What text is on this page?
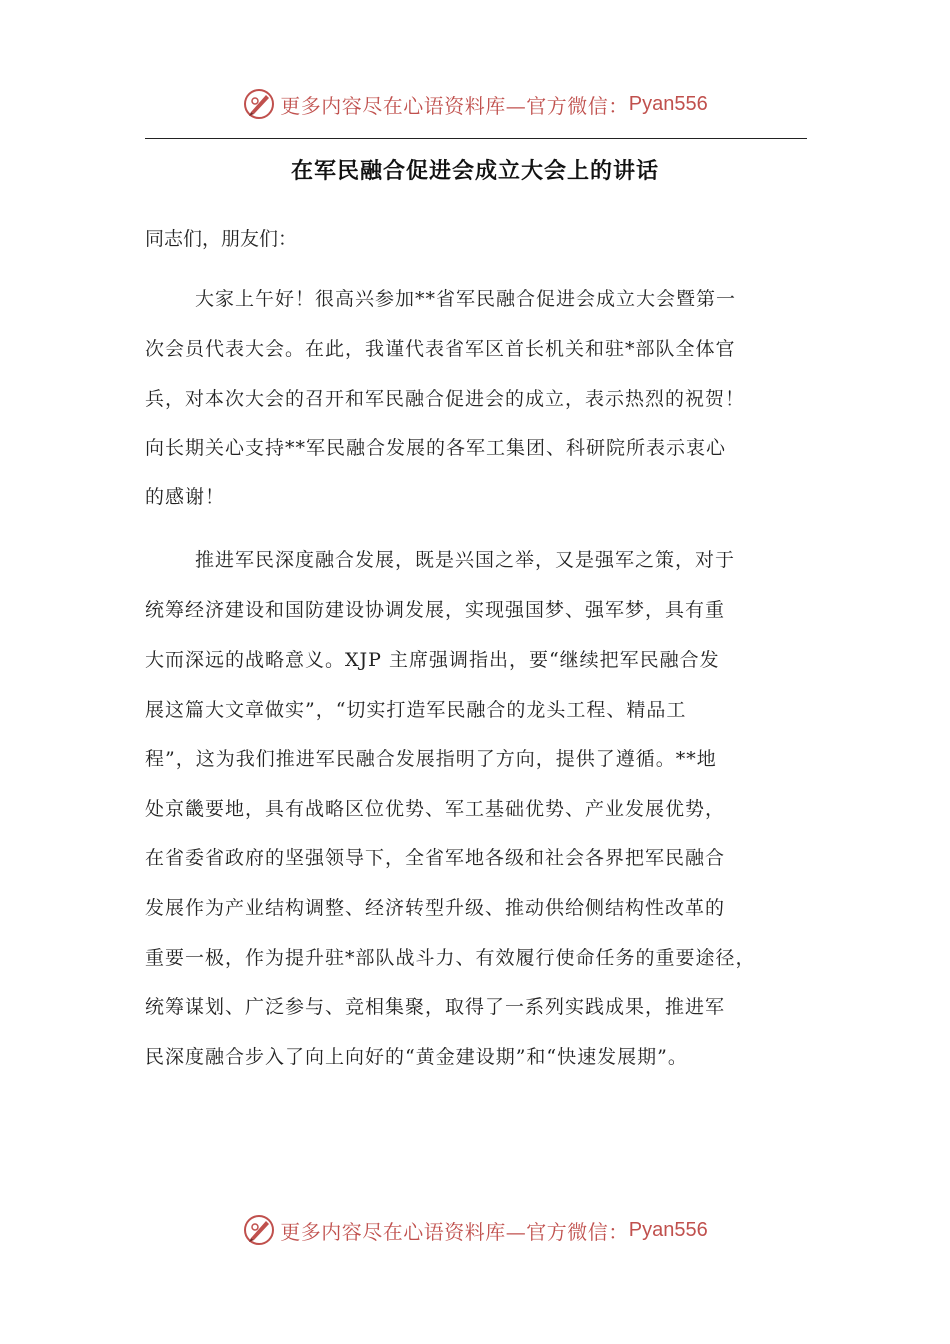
更多内容尽在心语资料库—官方微信： Pyan556
在军民融合促进会成立大会上的讲话
同志们，朋友们：
大家上午好！很高兴参加**省军民融合促进会成立大会暨第一
次会员代表大会。在此，我谨代表省军区首长机关和驻*部队全体官
兵，对本次大会的召开和军民融合促进会的成立，表示热烈的祝贺！
向长期关心支持**军民融合发展的各军工集团、科研院所表示衷心
的感谢！
推进军民深度融合发展，既是兴国之举，又是强军之策，对于
统筹经济建设和国防建设协调发展，实现强国梦、强军梦，具有重
大而深远的战略意义。XJP 主席强调指出，要“继续把军民融合发
展这篇大文章做实”，“切实打造军民融合的龙头工程、精品工
程”，这为我们推进军民融合发展指明了方向，提供了遵循。**地
处京畿要地，具有战略区位优势、军工基础优势、产业发展优势，
在省委省政府的坚强领导下，全省军地各级和社会各界把军民融合
发展作为产业结构调整、经济转型升级、推动供给侧结构性改革的
重要一极，作为提升驻*部队战斗力、有效履行使命任务的重要途径，
统筹谋划、广泛参与、竞相集聚，取得了一系列实践成果，推进军
民深度融合步入了向上向好的“黄金建设期”和“快速发展期”。
更多内容尽在心语资料库—官方微信： Pyan556
